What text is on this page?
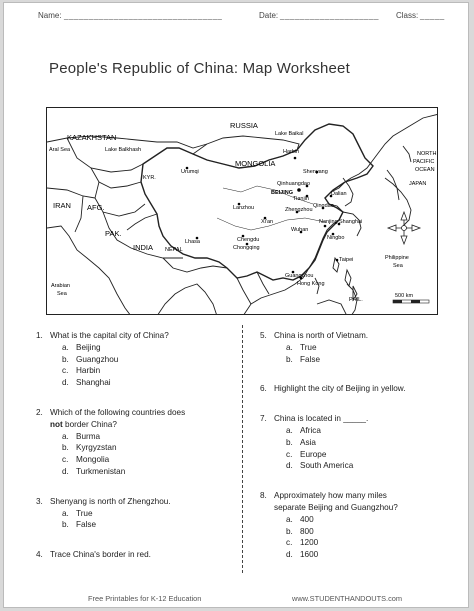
Name: ________________________________	Date: ____________________ Class: _____
People's Republic of China: Map Worksheet
RUSSIA
KAZAKHSTAN
MONGOLIA
IRAN AFG.
PAK.
INDIA
KYR.
NEPAL
JAPAN
PHIL.
NORTH
PACIFIC
OCEAN
Arabian
Sea
Philippine
Sea
Aral Sea	Lake Balkhash
Lake Baikal
Harbin
Shenyang
Qinhuangdao
BEIJING
Tianjin
Dalian
Qingdao
Zhengzhou
Nanjing Shanghai
Wuhan
Ningbo
Chengdu
Chongqing
Lhasa
Lanzhou
Xi'an
Urumqi
Guangzhou
Taipei
Hong Kong
500 km
1. What is the capital city of China?
a. Beijing
b. Guangzhou
c. Harbin
d. Shanghai
2. Which of the following countries does
not border China?
a. Burma
b. Kyrgyzstan
c. Mongolia
d. Turkmenistan
3. Shenyang is north of Zhengzhou.
a. True
b. False
4. Trace China's border in red.
5. China is north of Vietnam.
a. True
b. False
6. Highlight the city of Beijing in yellow.
7. China is located in _____.
a. Africa
b. Asia
c. Europe
d. South America
8. Approximately how many miles
separate Beijing and Guangzhou?
a. 400
b. 800
c. 1200
d. 1600
Free Printables for K-12 Education	www.STUDENTHANDOUTS.com
